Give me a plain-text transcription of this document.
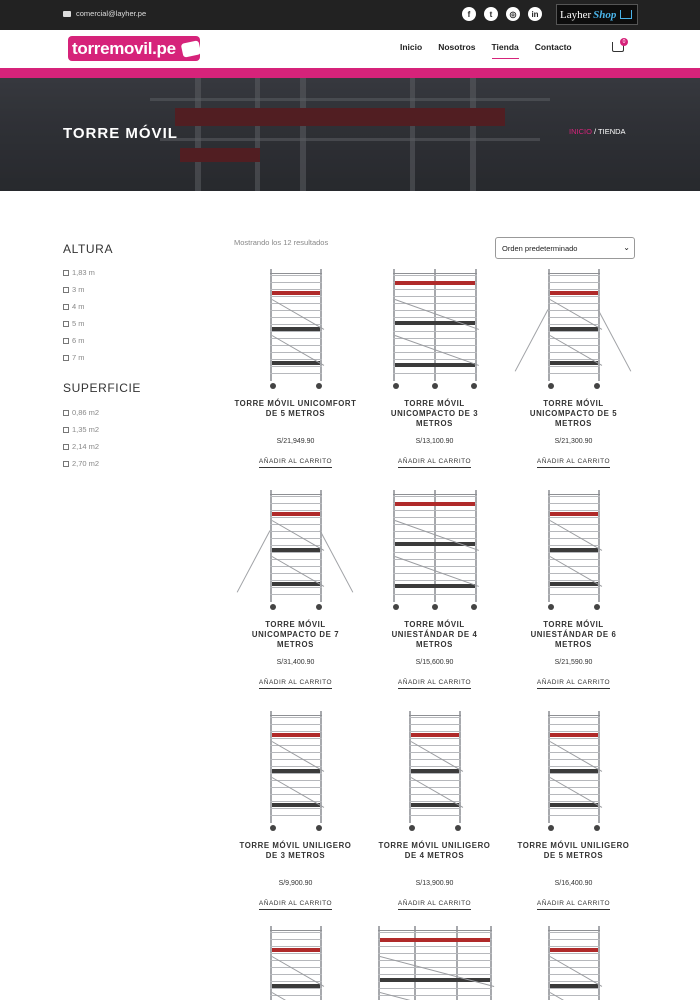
comercial@layher.pe	f	t	◎	in	Layher Shop
torremovil.pe	Inicio	Nosotros	Tienda	Contacto	0
TORRE MÓVIL	INICIO / TIENDA
ALTURA
1,83 m
3 m
4 m
5 m
6 m
7 m
SUPERFICIE
0,86 m2
1,35 m2
2,14 m2
2,70 m2
Mostrando los 12 resultados
Orden predeterminado	⌄
TORRE MÓVIL UNICOMFORT DE 5 METROS
S/21,949.90
AÑADIR AL CARRITO
TORRE MÓVIL UNICOMPACTO DE 3 METROS
S/13,100.90
AÑADIR AL CARRITO
TORRE MÓVIL UNICOMPACTO DE 5 METROS
S/21,300.90
AÑADIR AL CARRITO
TORRE MÓVIL UNICOMPACTO DE 7 METROS
S/31,400.90
AÑADIR AL CARRITO
TORRE MÓVIL UNIESTÁNDAR DE 4 METROS
S/15,600.90
AÑADIR AL CARRITO
TORRE MÓVIL UNIESTÁNDAR DE 6 METROS
S/21,590.90
AÑADIR AL CARRITO
TORRE MÓVIL UNILIGERO DE 3 METROS
S/9,900.90
AÑADIR AL CARRITO
TORRE MÓVIL UNILIGERO DE 4 METROS
S/13,900.90
AÑADIR AL CARRITO
TORRE MÓVIL UNILIGERO DE 5 METROS
S/16,400.90
AÑADIR AL CARRITO
